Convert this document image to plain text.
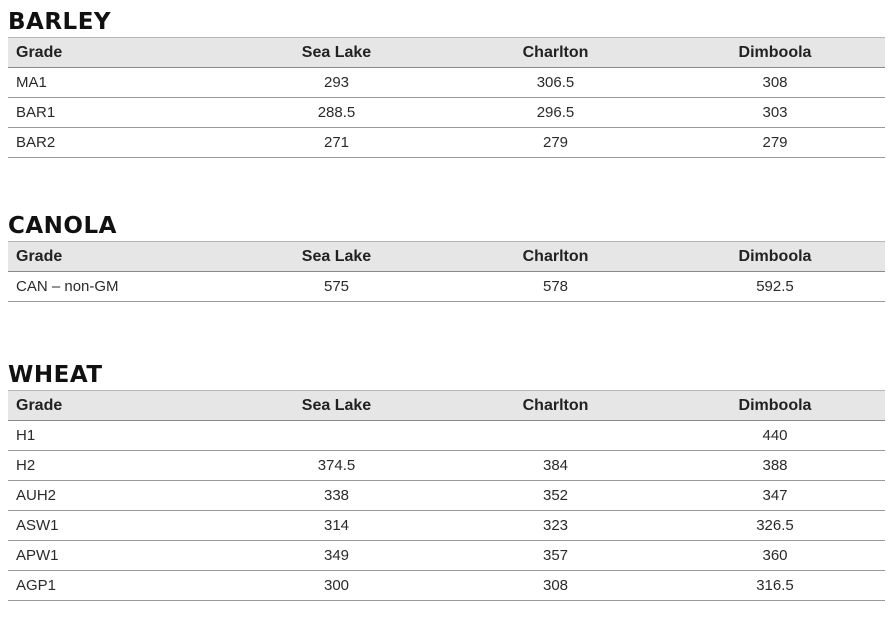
BARLEY
Grade	Sea Lake	Charlton	Dimboola
MA1	293	306.5	308
BAR1	288.5	296.5	303
BAR2	271	279	279
CANOLA
Grade	Sea Lake	Charlton	Dimboola
CAN – non-GM	575	578	592.5
WHEAT
Grade	Sea Lake	Charlton	Dimboola
H1			440
H2	374.5	384	388
AUH2	338	352	347
ASW1	314	323	326.5
APW1	349	357	360
AGP1	300	308	316.5
